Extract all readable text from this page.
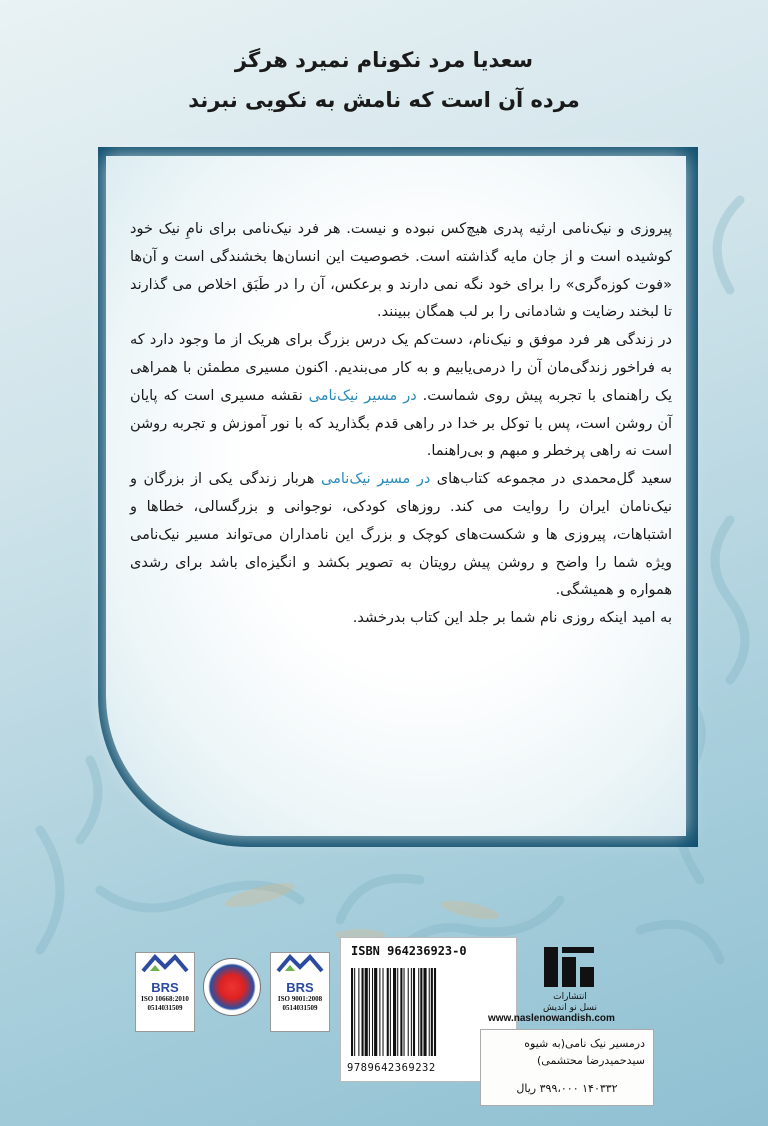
سعدیا مرد نکونام نمیرد هرگز
مرده آن است که نامش به نکویی نبرند

پیروزی و نیک‌نامی ارثیه پدری هیچ‌کس نبوده و نیست. هر فرد نیک‌نامی برای نامِ نیک خود کوشیده است و از جان مایه گذاشته است. خصوصیت این انسان‌ها بخشندگی است و آن‌ها «فوت کوزه‌گری» را برای خود نگه نمی دارند و برعکس، آن را در طَبَق اخلاص می گذارند تا لبخند رضایت و شادمانی را بر لب همگان ببینند.

در زندگی هر فرد موفق و نیک‌نام، دست‌کم یک درس بزرگ برای هریک از ما وجود دارد که به فراخور زندگی‌مان آن را درمی‌یابیم و به کار می‌بندیم. اکنون مسیری مطمئن با همراهی یک راهنمای با تجربه پیش روی شماست. در مسیر نیک‌نامی نقشه مسیری است که پایان آن روشن است، پس با توکل بر خدا در راهی قدم بگذارید که با نور آموزش و تجربه روشن است نه راهی پرخطر و مبهم و بی‌راهنما.

سعید گل‌محمدی در مجموعه کتاب‌های در مسیر نیک‌نامی هربار زندگی یکی از بزرگان و نیک‌نامان ایران را روایت می کند. روزهای کودکی، نوجوانی و بزرگسالی، خطاها و اشتباهات، پیروزی ها و شکست‌های کوچک و بزرگ این نامداران می‌تواند مسیر نیک‌نامی ویژه شما را واضح و روشن پیش رویتان به تصویر بکشد و انگیزه‌ای باشد برای رشدی همواره و همیشگی.

به امید اینکه روزی نام شما بر جلد این کتاب بدرخشد.

BRS
ISO 10668:2010
0514031509
BRS
ISO 9001:2008
0514031509
ISBN 964236923-0
9789642369232
انتشارات
نسل نو اندیش
www.naslenowandish.com
درمسیر نیک نامی(به شیوه
سیدحمیدرضا محتشمی)
۱۴۰۳۳۲ ۳۹۹،۰۰۰ ریال
